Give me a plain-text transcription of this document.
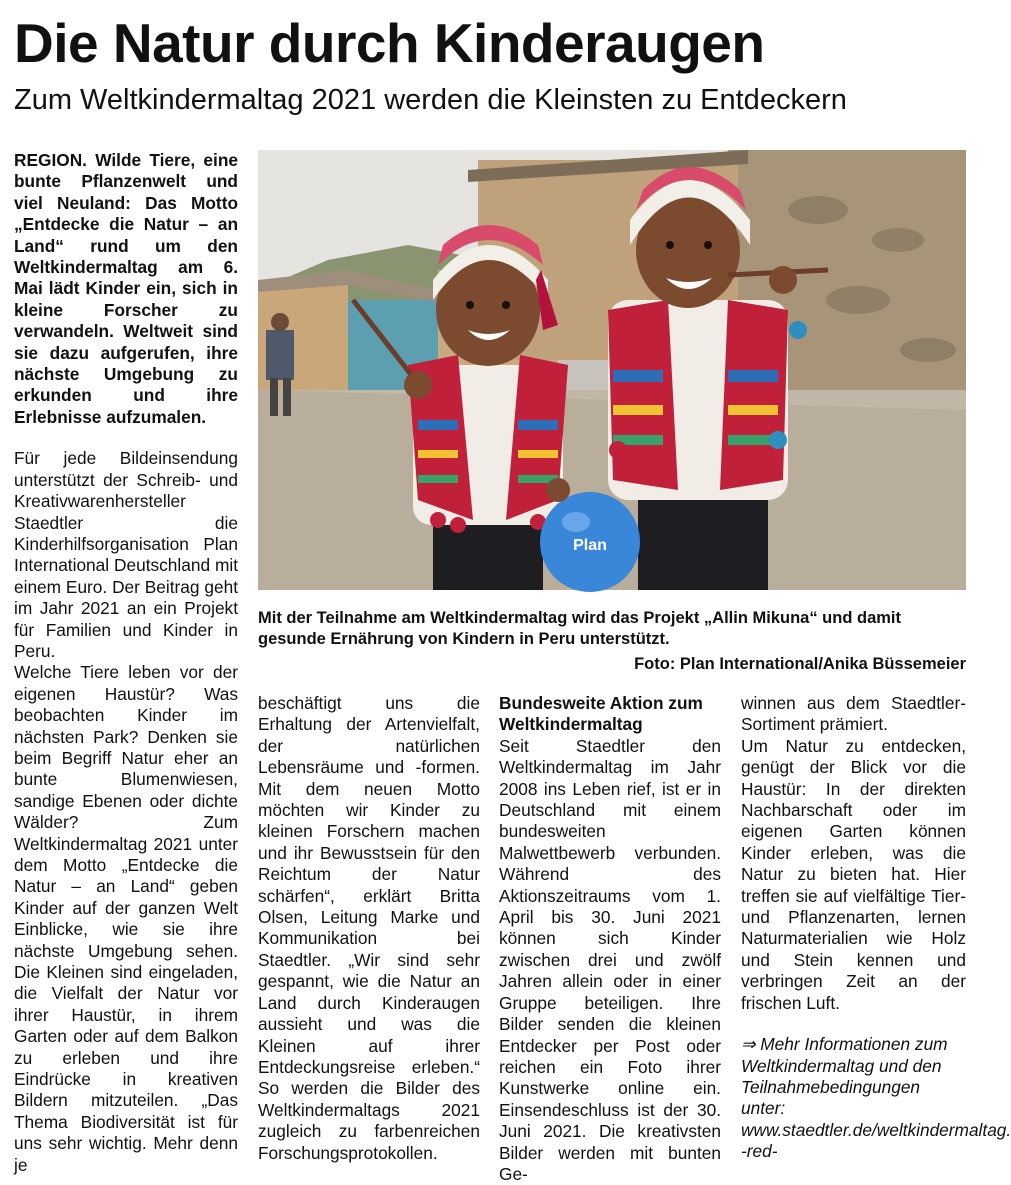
Die Natur durch Kinderaugen
Zum Weltkindermaltag 2021 werden die Kleinsten zu Entdeckern

REGION. Wilde Tiere, eine bunte Pflanzenwelt und viel Neuland: Das Motto „Entdecke die Natur – an Land“ rund um den Weltkindermaltag am 6. Mai lädt Kinder ein, sich in kleine Forscher zu verwandeln. Weltweit sind sie dazu aufgerufen, ihre nächste Umgebung zu erkunden und ihre Erlebnisse aufzumalen.

Für jede Bildeinsendung unterstützt der Schreib- und Kreativwarenhersteller Staedtler die Kinderhilfsorganisation Plan International Deutschland mit einem Euro. Der Beitrag geht im Jahr 2021 an ein Projekt für Familien und Kinder in Peru.

Welche Tiere leben vor der eigenen Haustür? Was beobachten Kinder im nächsten Park? Denken sie beim Begriff Natur eher an bunte Blumenwiesen, sandige Ebenen oder dichte Wälder? Zum Weltkindermaltag 2021 unter dem Motto „Entdecke die Natur – an Land“ geben Kinder auf der ganzen Welt Einblicke, wie sie ihre nächste Umgebung sehen. Die Kleinen sind eingeladen, die Vielfalt der Natur vor ihrer Haustür, in ihrem Garten oder auf dem Balkon zu erleben und ihre Eindrücke in kreativen Bildern mitzuteilen. „Das Thema Biodiversität ist für uns sehr wichtig. Mehr denn je

Plan
Mit der Teilnahme am Weltkindermaltag wird das Projekt „Allin Mikuna“ und damit gesunde Ernährung von Kindern in Peru unterstützt.
Foto: Plan International/Anika Büssemeier

beschäftigt uns die Erhaltung der Artenvielfalt, der natürlichen Lebensräume und -formen. Mit dem neuen Motto möchten wir Kinder zu kleinen Forschern machen und ihr Bewusstsein für den Reichtum der Natur schärfen“, erklärt Britta Olsen, Leitung Marke und Kommunikation bei Staedtler. „Wir sind sehr gespannt, wie die Natur an Land durch Kinderaugen aussieht und was die Kleinen auf ihrer Entdeckungsreise erleben.“ So werden die Bilder des Weltkindermaltags 2021 zugleich zu farbenreichen Forschungsprotokollen.

Bundesweite Aktion zum Weltkindermaltag

Seit Staedtler den Weltkindermaltag im Jahr 2008 ins Leben rief, ist er in Deutschland mit einem bundesweiten Malwettbewerb verbunden. Während des Aktionszeitraums vom 1. April bis 30. Juni 2021 können sich Kinder zwischen drei und zwölf Jahren allein oder in einer Gruppe beteiligen. Ihre Bilder senden die kleinen Entdecker per Post oder reichen ein Foto ihrer Kunstwerke online ein. Einsendeschluss ist der 30. Juni 2021. Die kreativsten Bilder werden mit bunten Ge-

winnen aus dem Staedtler-Sortiment prämiert.

Um Natur zu entdecken, genügt der Blick vor die Haustür: In der direkten Nachbarschaft oder im eigenen Garten können Kinder erleben, was die Natur zu bieten hat. Hier treffen sie auf vielfältige Tier- und Pflanzenarten, lernen Naturmaterialien wie Holz und Stein kennen und verbringen Zeit an der frischen Luft.

⇒ Mehr Informationen zum Weltkindermaltag und den Teilnahmebedingungen unter: www.staedtler.de/weltkindermaltag. -red-
